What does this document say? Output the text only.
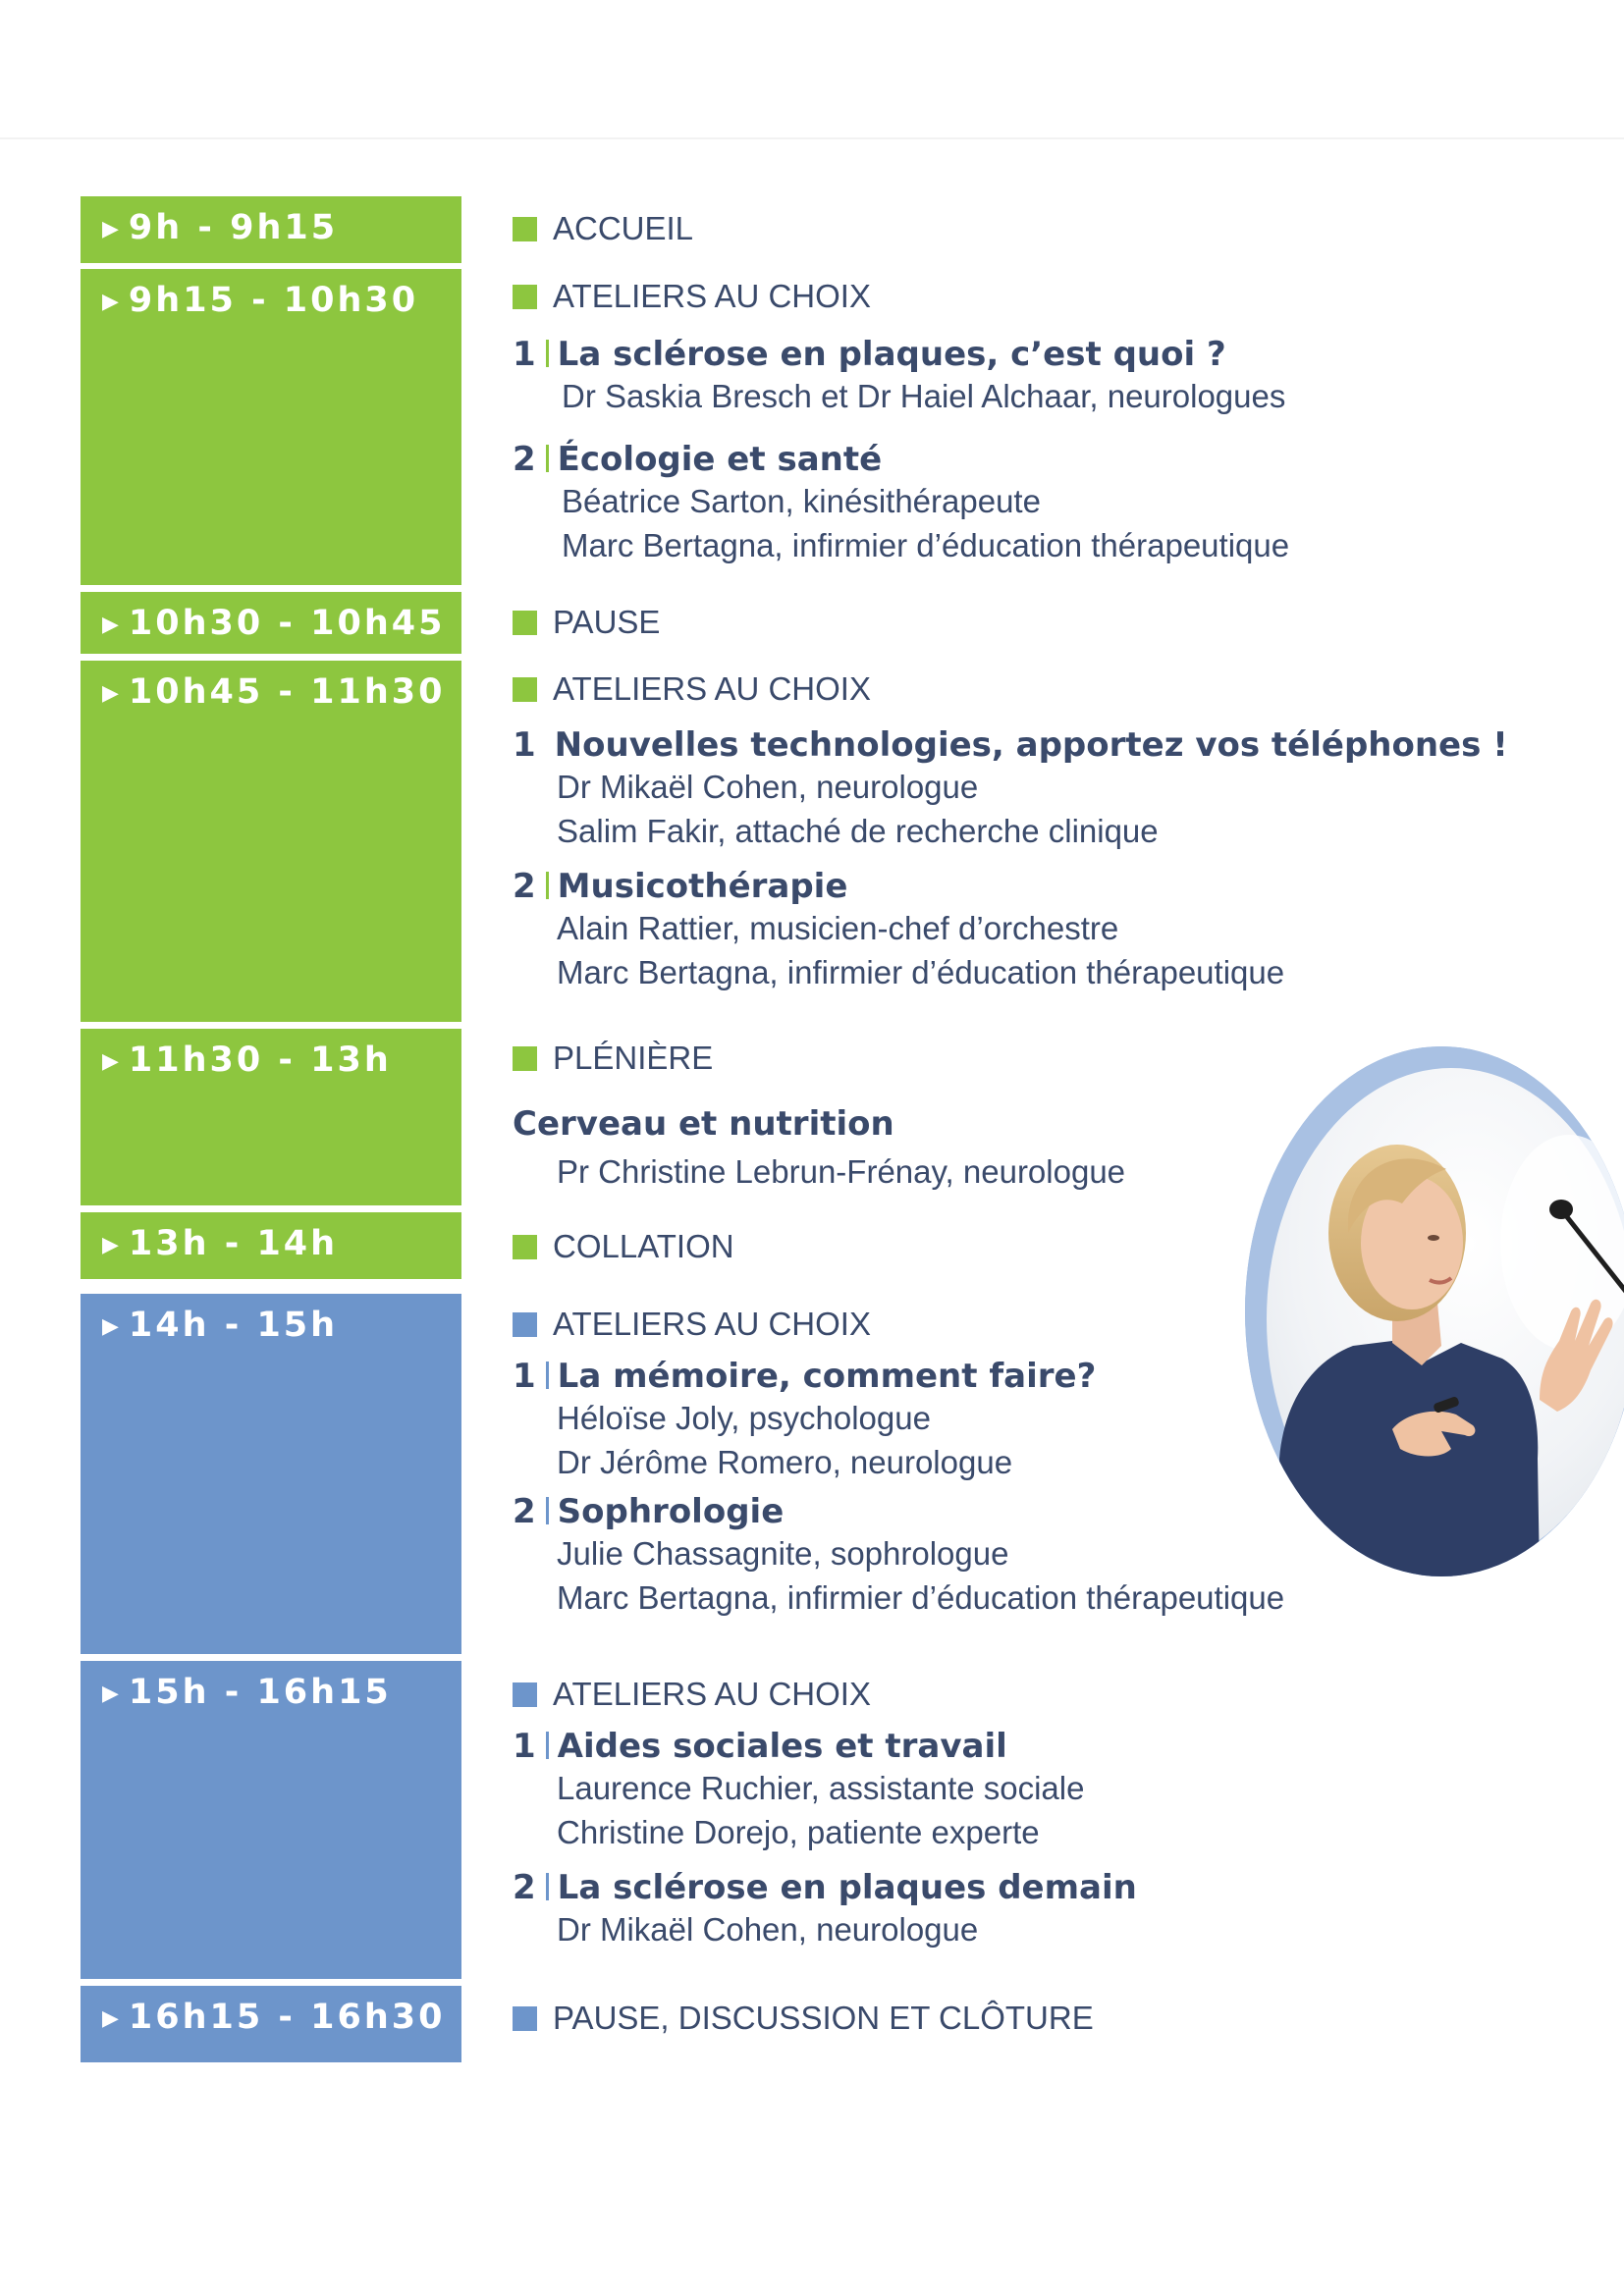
▶ 9h - 9h15
▶ 9h15 - 10h30
▶ 10h30 - 10h45
▶ 10h45 - 11h30
▶ 11h30 - 13h
▶ 13h - 14h
▶ 14h - 15h
▶ 15h - 16h15
▶ 16h15 - 16h30
ACCUEIL
ATELIERS AU CHOIX
1 La sclérose en plaques, c’est quoi ?
Dr Saskia Bresch et Dr Haiel Alchaar, neurologues
2 Écologie et santé
Béatrice Sarton, kinésithérapeute
Marc Bertagna, infirmier d’éducation thérapeutique
PAUSE
ATELIERS AU CHOIX
1 Nouvelles technologies, apportez vos téléphones !
Dr Mikaël Cohen, neurologue
Salim Fakir, attaché de recherche clinique
2 Musicothérapie
Alain Rattier, musicien-chef d’orchestre
Marc Bertagna, infirmier d’éducation thérapeutique
PLÉNIÈRE
Cerveau et nutrition
Pr Christine Lebrun-Frénay, neurologue
COLLATION
ATELIERS AU CHOIX
1 La mémoire, comment faire?
Héloïse Joly, psychologue
Dr Jérôme Romero, neurologue
2 Sophrologie
Julie Chassagnite, sophrologue
Marc Bertagna, infirmier d’éducation thérapeutique
ATELIERS AU CHOIX
1 Aides sociales et travail
Laurence Ruchier, assistante sociale
Christine Dorejo, patiente experte
2 La sclérose en plaques demain
Dr Mikaël Cohen, neurologue
PAUSE, DISCUSSION ET CLÔTURE
